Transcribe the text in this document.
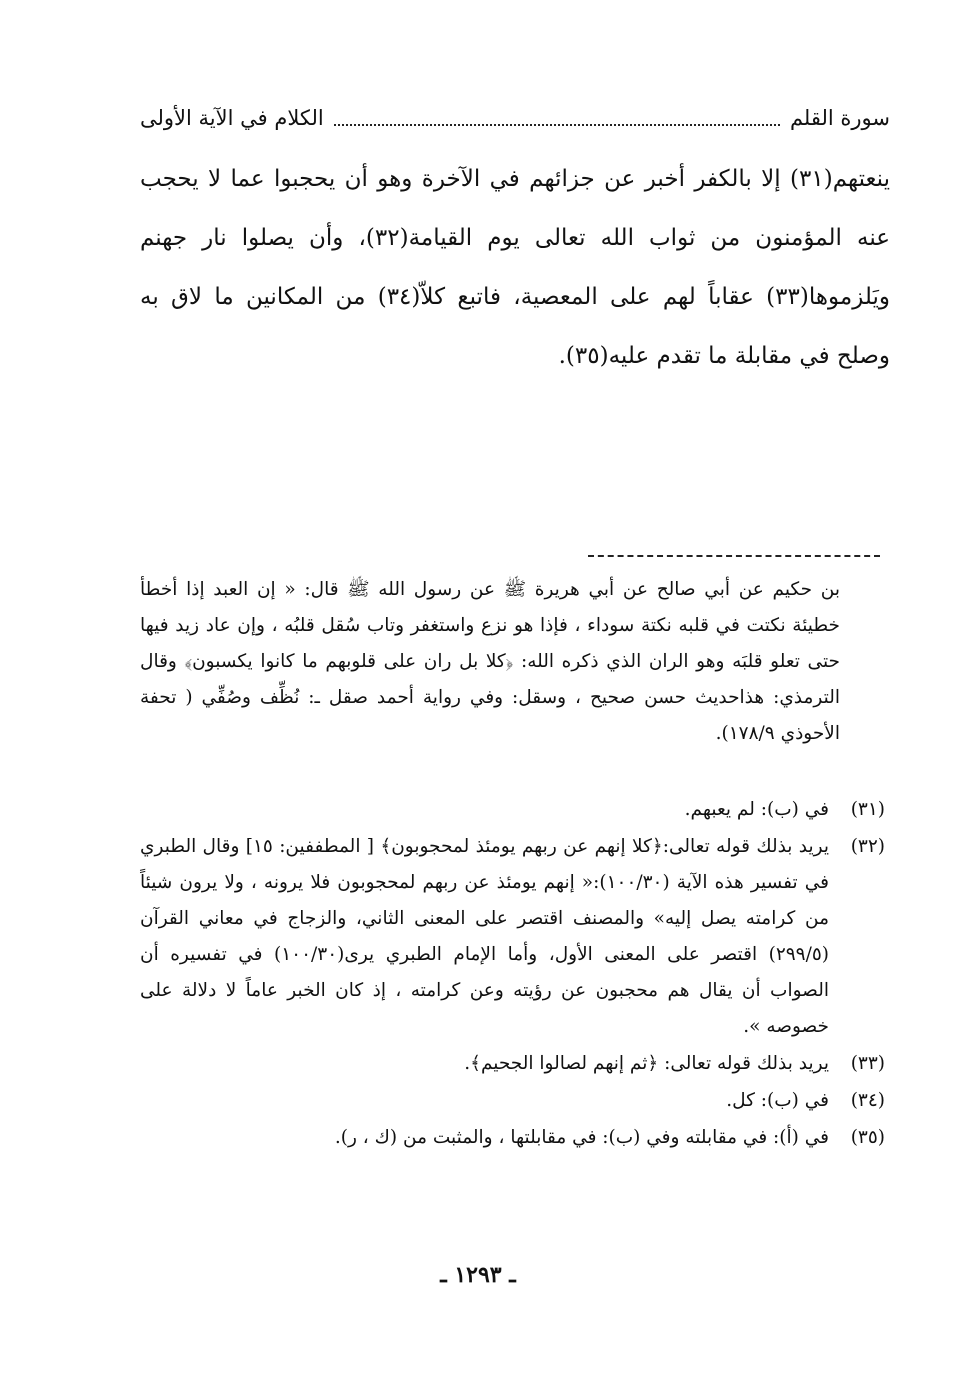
سورة القلم
الكلام في الآية الأولى

ينعتهم(٣١) إلا بالكفر أخبر عن جزائهم في الآخرة وهو أن يحجبوا عما لا يحجب عنه المؤمنون من ثواب الله تعالى يوم القيامة(٣٢)، وأن يصلوا نار جهنم ويَلزموها(٣٣) عقاباً لهم على المعصية، فاتبع كلاّ(٣٤) من المكانين ما لاق به وصلح في مقابلة ما تقدم عليه(٣٥).

بن حكيم عن أبي صالح عن أبي هريرة ﷺ عن رسول الله ﷺ قال: « إن العبد إذا أخطأ خطيئة نكتت في قلبه نكتة سوداء ، فإذا هو نزع واستغفر وتاب سُقل قلبُه ، وإن عاد زيد فيها حتى تعلو قلبَه وهو الران الذي ذكره الله: ﴿كلا بل ران على قلوبهم ما كانوا يكسبون﴾ وقال الترمذي: هذاحديث حسن صحيح ، وسقل: وفي رواية أحمد صقل ـ: نُظِّف وصُفِّي ( تحفة الأحوذي ١٧٨/٩).

(٣١)
في (ب): لم يعبهم.
(٣٢)
يريد بذلك قوله تعالى:﴿كلا إنهم عن ربهم يومئذ لمحجوبون﴾ [ المطففين: ١٥] وقال الطبري في تفسير هذه الآية (١٠٠/٣٠):« إنهم يومئذ عن ربهم لمحجوبون فلا يرونه ، ولا يرون شيئاً من كرامته يصل إليه» والمصنف اقتصر على المعنى الثاني، والزجاج في معاني القرآن (٢٩٩/٥) اقتصر على المعنى الأول، وأما الإمام الطبري يرى(١٠٠/٣٠) في تفسيره أن الصواب أن يقال هم محجبون عن رؤيته وعن كرامته ، إذ كان الخبر عاماً لا دلالة على خصوصه ».
(٣٣)
يريد بذلك قوله تعالى: ﴿ثم إنهم لصالوا الجحيم﴾.
(٣٤)
في (ب): كل.
(٣٥)
في (أ): في مقابلته وفي (ب): في مقابلتها ، والمثبت من (ك ، ر).
ـ ١٢٩٣ ـ
